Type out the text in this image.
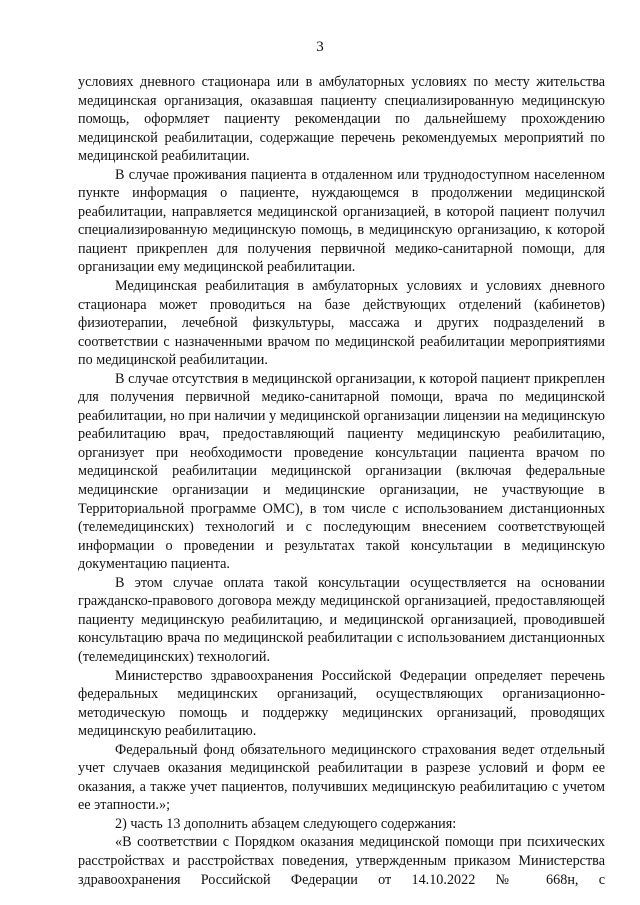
3

условиях дневного стационара или в амбулаторных условиях по месту жительства медицинская организация, оказавшая пациенту специализированную медицинскую помощь, оформляет пациенту рекомендации по дальнейшему прохождению медицинской реабилитации, содержащие перечень рекомендуемых мероприятий по медицинской реабилитации.

В случае проживания пациента в отдаленном или труднодоступном населенном пункте информация о пациенте, нуждающемся в продолжении медицинской реабилитации, направляется медицинской организацией, в которой пациент получил специализированную медицинскую помощь, в медицинскую организацию, к которой пациент прикреплен для получения первичной медико-санитарной помощи, для организации ему медицинской реабилитации.

Медицинская реабилитация в амбулаторных условиях и условиях дневного стационара может проводиться на базе действующих отделений (кабинетов) физиотерапии, лечебной физкультуры, массажа и других подразделений в соответствии с назначенными врачом по медицинской реабилитации мероприятиями по медицинской реабилитации.

В случае отсутствия в медицинской организации, к которой пациент прикреплен для получения первичной медико-санитарной помощи, врача по медицинской реабилитации, но при наличии у медицинской организации лицензии на медицинскую реабилитацию врач, предоставляющий пациенту медицинскую реабилитацию, организует при необходимости проведение консультации пациента врачом по медицинской реабилитации медицинской организации (включая федеральные медицинские организации и медицинские организации, не участвующие в Территориальной программе ОМС), в том числе с использованием дистанционных (телемедицинских) технологий и с последующим внесением соответствующей информации о проведении и результатах такой консультации в медицинскую документацию пациента.

В этом случае оплата такой консультации осуществляется на основании гражданско-правового договора между медицинской организацией, предоставляющей пациенту медицинскую реабилитацию, и медицинской организацией, проводившей консультацию врача по медицинской реабилитации с использованием дистанционных (телемедицинских) технологий.

Министерство здравоохранения Российской Федерации определяет перечень федеральных медицинских организаций, осуществляющих организационно-методическую помощь и поддержку медицинских организаций, проводящих медицинскую реабилитацию.

Федеральный фонд обязательного медицинского страхования ведет отдельный учет случаев оказания медицинской реабилитации в разрезе условий и форм ее оказания, а также учет пациентов, получивших медицинскую реабилитацию с учетом ее этапности.»;

2) часть 13 дополнить абзацем следующего содержания:

«В соответствии с Порядком оказания медицинской помощи при психических расстройствах и расстройствах поведения, утвержденным приказом Министерства здравоохранения Российской Федерации от 14.10.2022 № 668н, с
